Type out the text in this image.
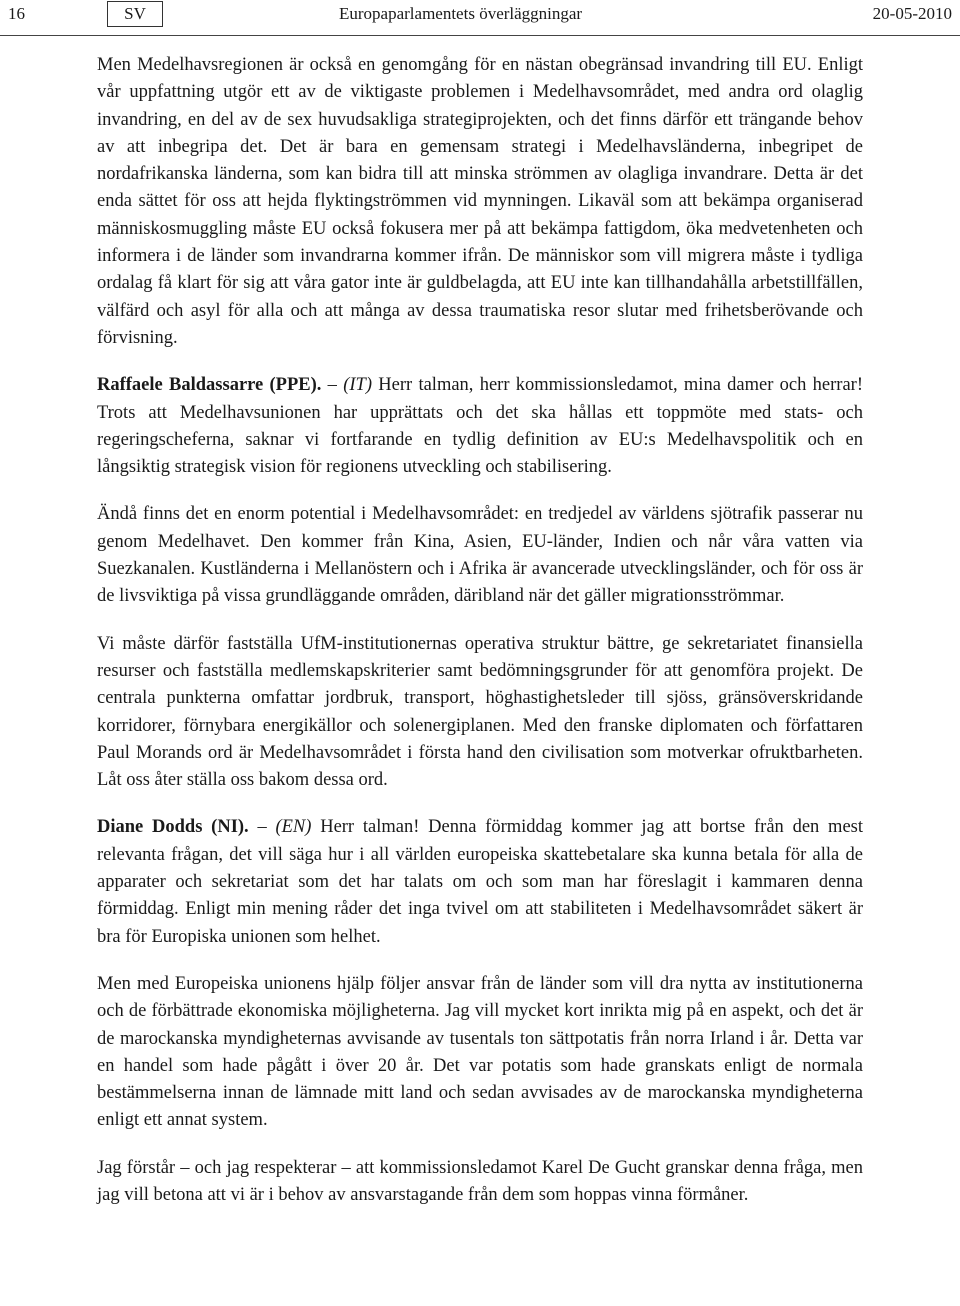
16	SV	Europaparlamentets överläggningar	20-05-2010

Men Medelhavsregionen är också en genomgång för en nästan obegränsad invandring till EU. Enligt vår uppfattning utgör ett av de viktigaste problemen i Medelhavsområdet, med andra ord olaglig invandring, en del av de sex huvudsakliga strategiprojekten, och det finns därför ett trängande behov av att inbegripa det. Det är bara en gemensam strategi i Medelhavsländerna, inbegripet de nordafrikanska länderna, som kan bidra till att minska strömmen av olagliga invandrare. Detta är det enda sättet för oss att hejda flyktingströmmen vid mynningen. Likaväl som att bekämpa organiserad människosmuggling måste EU också fokusera mer på att bekämpa fattigdom, öka medvetenheten och informera i de länder som invandrarna kommer ifrån. De människor som vill migrera måste i tydliga ordalag få klart för sig att våra gator inte är guldbelagda, att EU inte kan tillhandahålla arbetstillfällen, välfärd och asyl för alla och att många av dessa traumatiska resor slutar med frihetsberövande och förvisning.

Raffaele Baldassarre (PPE). – (IT) Herr talman, herr kommissionsledamot, mina damer och herrar! Trots att Medelhavsunionen har upprättats och det ska hållas ett toppmöte med stats- och regeringscheferna, saknar vi fortfarande en tydlig definition av EU:s Medelhavspolitik och en långsiktig strategisk vision för regionens utveckling och stabilisering.

Ändå finns det en enorm potential i Medelhavsområdet: en tredjedel av världens sjötrafik passerar nu genom Medelhavet. Den kommer från Kina, Asien, EU-länder, Indien och når våra vatten via Suezkanalen. Kustländerna i Mellanöstern och i Afrika är avancerade utvecklingsländer, och för oss är de livsviktiga på vissa grundläggande områden, däribland när det gäller migrationsströmmar.

Vi måste därför fastställa UfM-institutionernas operativa struktur bättre, ge sekretariatet finansiella resurser och fastställa medlemskapskriterier samt bedömningsgrunder för att genomföra projekt. De centrala punkterna omfattar jordbruk, transport, höghastighetsleder till sjöss, gränsöverskridande korridorer, förnybara energikällor och solenergiplanen. Med den franske diplomaten och författaren Paul Morands ord är Medelhavsområdet i första hand den civilisation som motverkar ofruktbarheten. Låt oss åter ställa oss bakom dessa ord.

Diane Dodds (NI). – (EN) Herr talman! Denna förmiddag kommer jag att bortse från den mest relevanta frågan, det vill säga hur i all världen europeiska skattebetalare ska kunna betala för alla de apparater och sekretariat som det har talats om och som man har föreslagit i kammaren denna förmiddag. Enligt min mening råder det inga tvivel om att stabiliteten i Medelhavsområdet säkert är bra för Europiska unionen som helhet.

Men med Europeiska unionens hjälp följer ansvar från de länder som vill dra nytta av institutionerna och de förbättrade ekonomiska möjligheterna. Jag vill mycket kort inrikta mig på en aspekt, och det är de marockanska myndigheternas avvisande av tusentals ton sättpotatis från norra Irland i år. Detta var en handel som hade pågått i över 20 år. Det var potatis som hade granskats enligt de normala bestämmelserna innan de lämnade mitt land och sedan avvisades av de marockanska myndigheterna enligt ett annat system.

Jag förstår – och jag respekterar – att kommissionsledamot Karel De Gucht granskar denna fråga, men jag vill betona att vi är i behov av ansvarstagande från dem som hoppas vinna förmåner.
